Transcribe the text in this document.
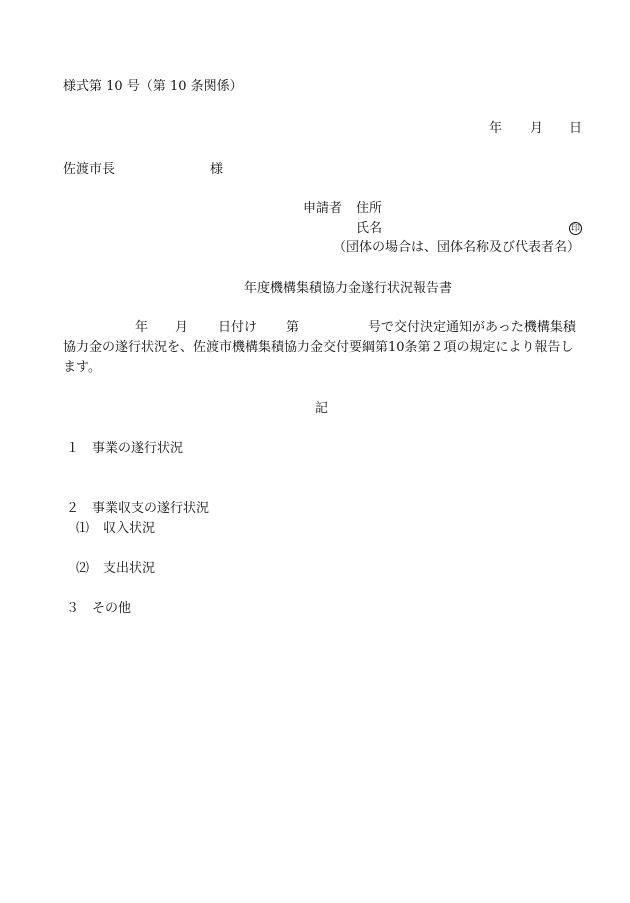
様式第 10 号（第 10 条関係）
年 月 日
佐渡市長	様
申請者 住所
氏名	印
（団体の場合は、団体名称及び代表者名）
年度機構集積協力金遂行状況報告書
年 月 日付け 第	号で交付決定通知があった機構集積
協力金の遂行状況を、佐渡市機構集積協力金交付要綱第10条第２項の規定により報告し
ます。
記
１ 事業の遂行状況
２ 事業収支の遂行状況
⑴ 収入状況
⑵ 支出状況
３ その他
